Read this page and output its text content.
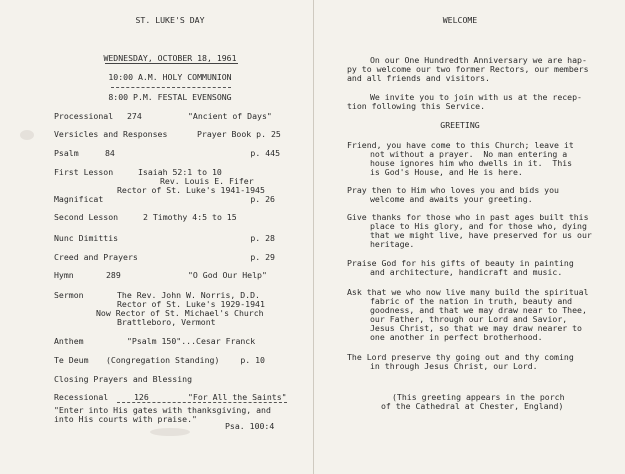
ST. LUKE'S DAY
WEDNESDAY, OCTOBER 18, 1961
10:00 A.M. HOLY COMMUNION
8:00 P.M. FESTAL EVENSONG
Processional 274	"Ancient of Days"
Versicles and Responses	Prayer Book p. 25
Psalm	84	p. 445
First Lesson	Isaiah 52:1 to 10
Rev. Louis E. Fifer
Rector of St. Luke's 1941-1945
Magnificat	p. 26
Second Lesson	2 Timothy 4:5 to 15
Nunc Dimittis	p. 28
Creed and Prayers	p. 29
Hymn	289	"O God Our Help"
Sermon	The Rev. John W. Norris, D.D.
Rector of St. Luke's 1929-1941
Now Rector of St. Michael's Church
Brattleboro, Vermont
Anthem	"Psalm 150"...Cesar Franck
Te Deum (Congregation Standing)	p. 10
Closing Prayers and Blessing
Recessional	126	"For All the Saints"
"Enter into His gates with thanksgiving, and
into His courts with praise."
Psa. 100:4
WELCOME
On our One Hundredth Anniversary we are hap-
py to welcome our two former Rectors, our members
and all friends and visitors.
We invite you to join with us at the recep-
tion following this Service.
GREETING
Friend, you have come to this Church; leave it
not without a prayer.  No man entering a
house ignores him who dwells in it.  This
is God's House, and He is here.
Pray then to Him who loves you and bids you
welcome and awaits your greeting.
Give thanks for those who in past ages built this
place to His glory, and for those who, dying
that we might live, have preserved for us our
heritage.
Praise God for his gifts of beauty in painting
and architecture, handicraft and music.
Ask that we who now live many build the spiritual
fabric of the nation in truth, beauty and
goodness, and that we may draw near to Thee,
our Father, through our Lord and Savior,
Jesus Christ, so that we may draw nearer to
one another in perfect brotherhood.
The Lord preserve thy going out and thy coming
in through Jesus Christ, our Lord.
(This greeting appears in the porch
of the Cathedral at Chester, England)
